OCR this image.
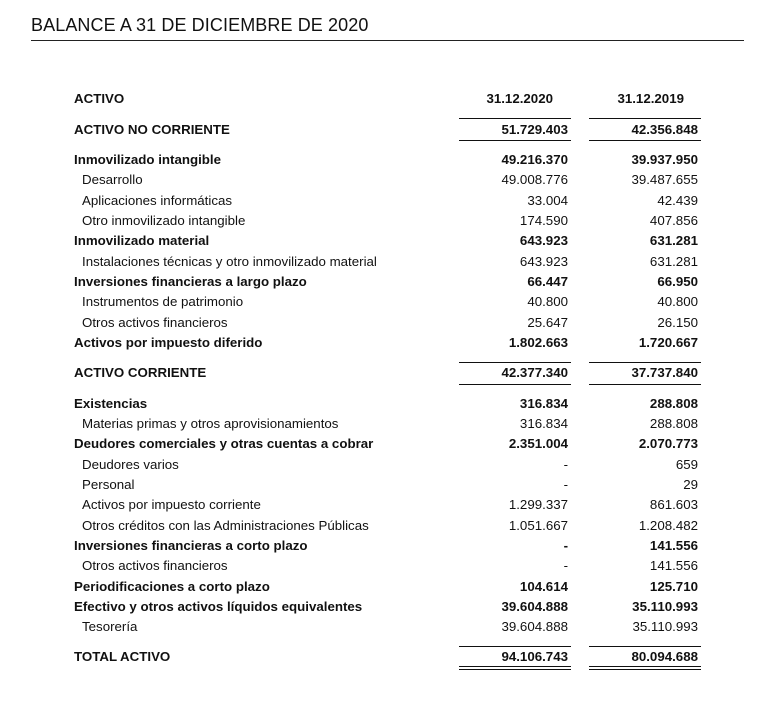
BALANCE A 31 DE DICIEMBRE DE 2020
ACTIVO	31.12.2020	31.12.2019
ACTIVO NO CORRIENTE	51.729.403	42.356.848
Inmovilizado intangible	49.216.370	39.937.950
Desarrollo	49.008.776	39.487.655
Aplicaciones informáticas	33.004	42.439
Otro inmovilizado intangible	174.590	407.856
Inmovilizado material	643.923	631.281
Instalaciones técnicas y otro inmovilizado material	643.923	631.281
Inversiones financieras a largo plazo	66.447	66.950
Instrumentos de patrimonio	40.800	40.800
Otros activos financieros	25.647	26.150
Activos por impuesto diferido	1.802.663	1.720.667
ACTIVO CORRIENTE	42.377.340	37.737.840
Existencias	316.834	288.808
Materias primas y otros aprovisionamientos	316.834	288.808
Deudores comerciales y otras cuentas a cobrar	2.351.004	2.070.773
Deudores varios	-	659
Personal	-	29
Activos por impuesto corriente	1.299.337	861.603
Otros créditos con las Administraciones Públicas	1.051.667	1.208.482
Inversiones financieras a corto plazo	-	141.556
Otros activos financieros	-	141.556
Periodificaciones a corto plazo	104.614	125.710
Efectivo y otros activos líquidos equivalentes	39.604.888	35.110.993
Tesorería	39.604.888	35.110.993
TOTAL ACTIVO	94.106.743	80.094.688
